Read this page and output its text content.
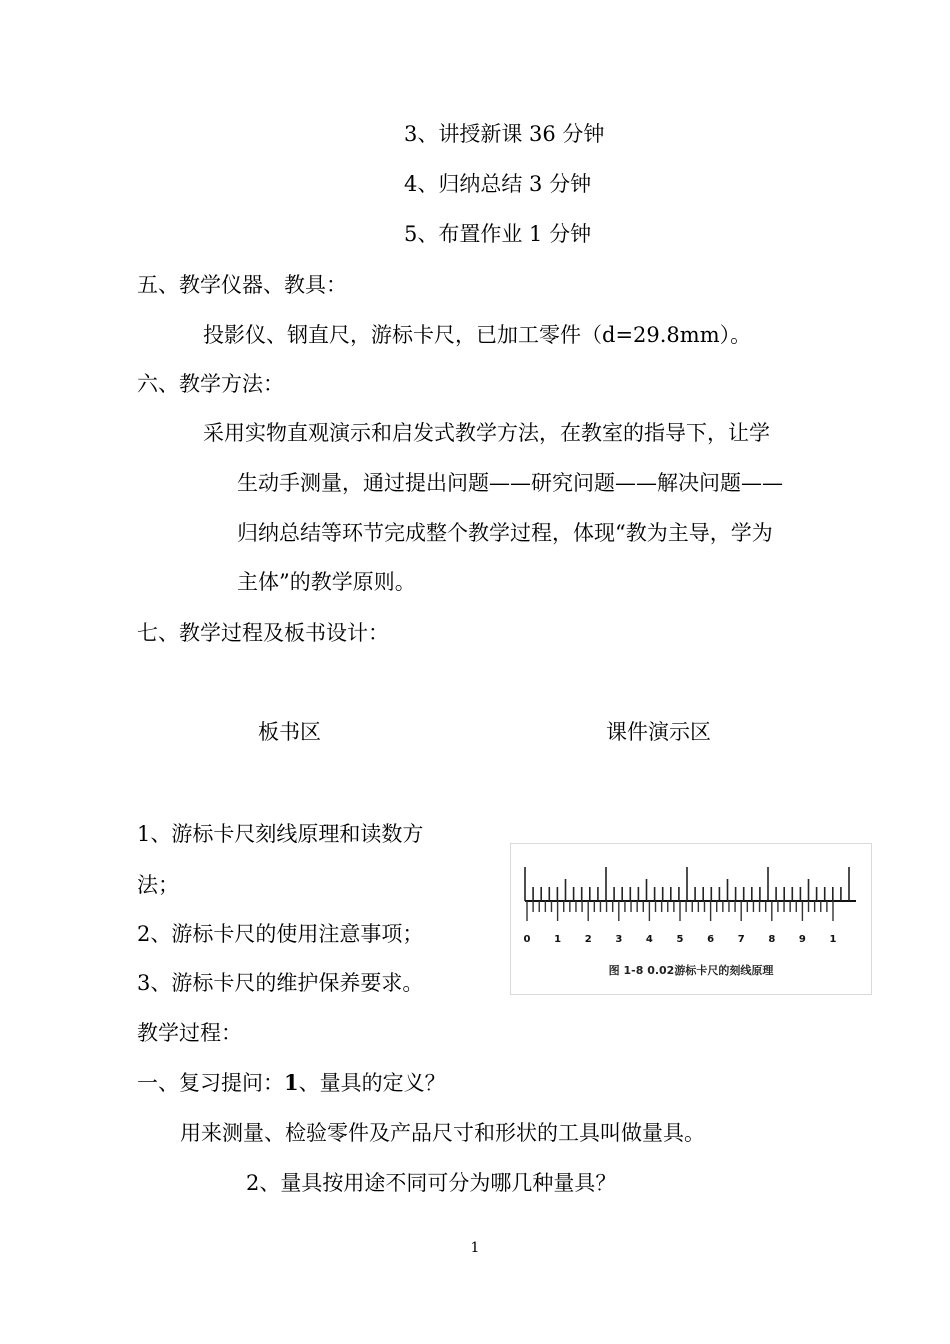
3、讲授新课 36 分钟
4、归纳总结 3 分钟
5、布置作业 1 分钟
五、教学仪器、教具：
投影仪、钢直尺，游标卡尺，已加工零件（d=29.8mm）。
六、教学方法：
采用实物直观演示和启发式教学方法，在教室的指导下，让学
生动手测量，通过提出问题——研究问题——解决问题——
归纳总结等环节完成整个教学过程，体现“教为主导，学为
主体”的教学原则。
七、教学过程及板书设计：
板书区	课件演示区
1、游标卡尺刻线原理和读数方
法；
2、游标卡尺的使用注意事项；
3、游标卡尺的维护保养要求。
0 1 2 3 4 5 6 7 8 9 1
图 1-8 0.02游标卡尺的刻线原理
教学过程：
一、复习提问：1、量具的定义？
用来测量、检验零件及产品尺寸和形状的工具叫做量具。
2、量具按用途不同可分为哪几种量具？
1
